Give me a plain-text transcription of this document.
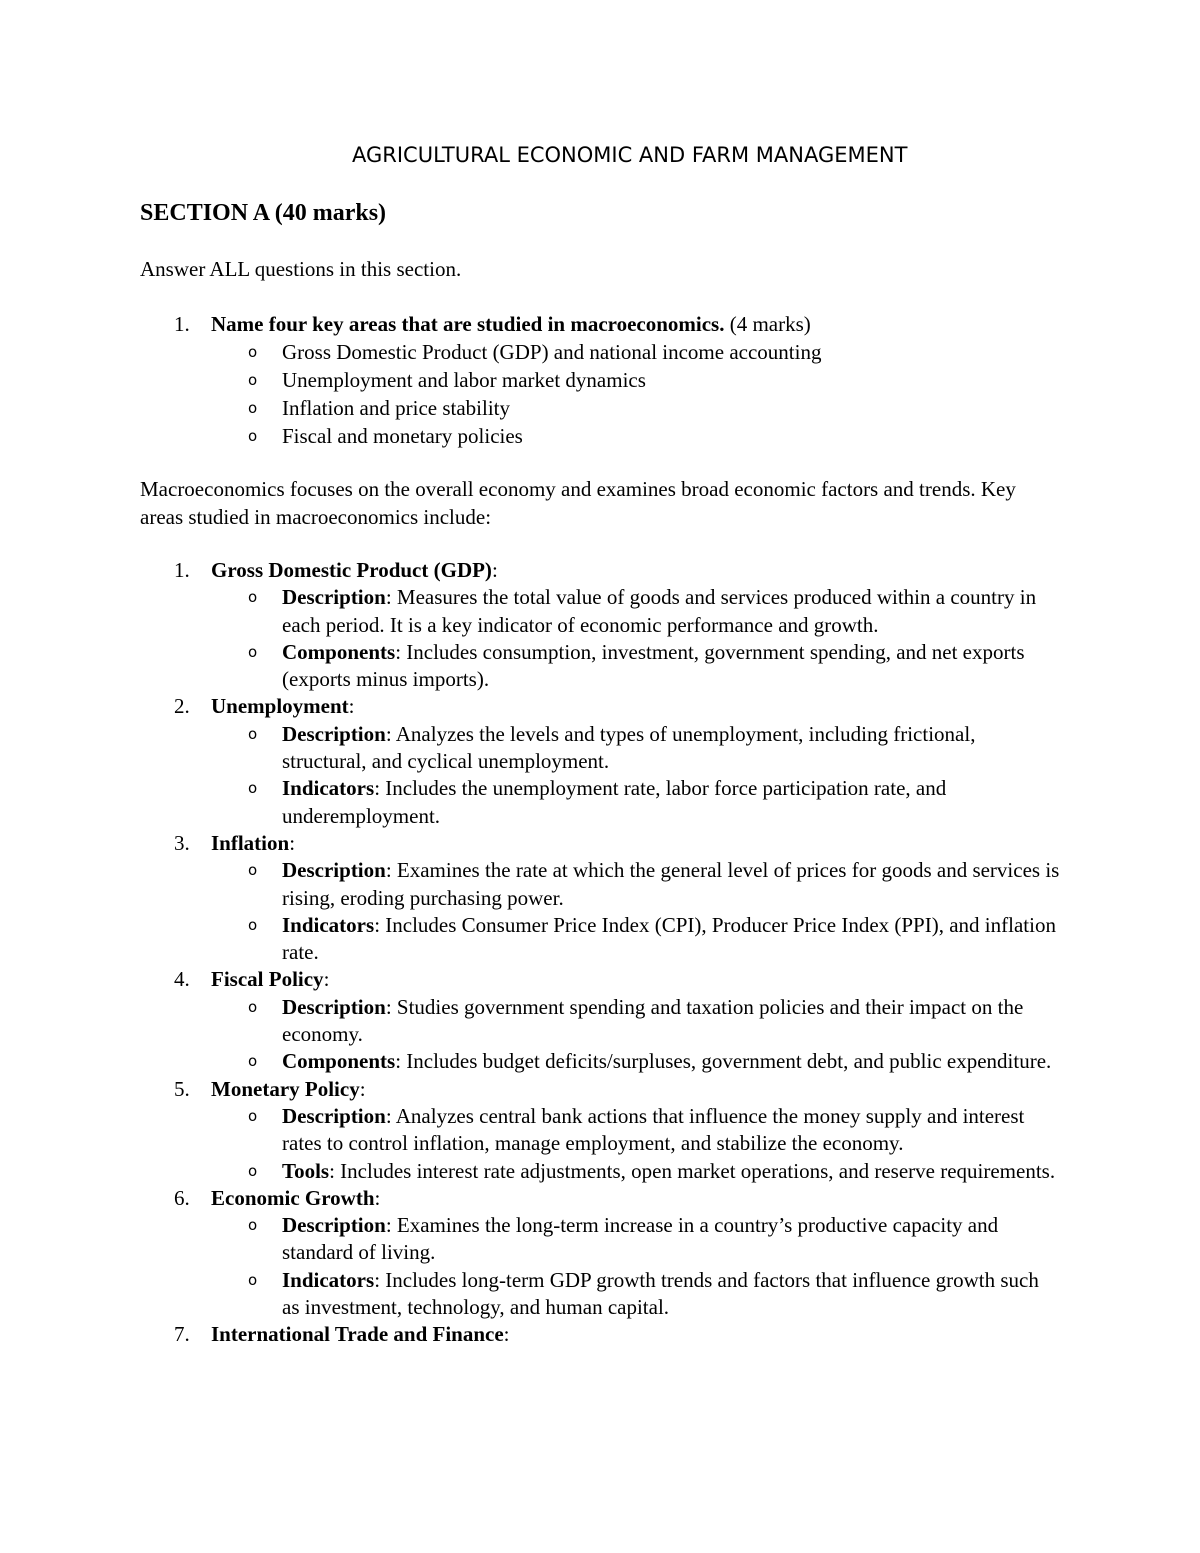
AGRICULTURAL ECONOMIC AND FARM MANAGEMENT
SECTION A (40 marks)
Answer ALL questions in this section.
1.	Name four key areas that are studied in macroeconomics. (4 marks)
o Gross Domestic Product (GDP) and national income accounting
o Unemployment and labor market dynamics
o Inflation and price stability
o Fiscal and monetary policies
Macroeconomics focuses on the overall economy and examines broad economic factors and trends. Key areas studied in macroeconomics include:
1.	Gross Domestic Product (GDP):
o Description: Measures the total value of goods and services produced within a country in each period. It is a key indicator of economic performance and growth.
o Components: Includes consumption, investment, government spending, and net exports (exports minus imports).
2.	Unemployment:
o Description: Analyzes the levels and types of unemployment, including frictional, structural, and cyclical unemployment.
o Indicators: Includes the unemployment rate, labor force participation rate, and underemployment.
3.	Inflation:
o Description: Examines the rate at which the general level of prices for goods and services is rising, eroding purchasing power.
o Indicators: Includes Consumer Price Index (CPI), Producer Price Index (PPI), and inflation rate.
4.	Fiscal Policy:
o Description: Studies government spending and taxation policies and their impact on the economy.
o Components: Includes budget deficits/surpluses, government debt, and public expenditure.
5.	Monetary Policy:
o Description: Analyzes central bank actions that influence the money supply and interest rates to control inflation, manage employment, and stabilize the economy.
o Tools: Includes interest rate adjustments, open market operations, and reserve requirements.
6.	Economic Growth:
o Description: Examines the long-term increase in a country’s productive capacity and standard of living.
o Indicators: Includes long-term GDP growth trends and factors that influence growth such as investment, technology, and human capital.
7.	International Trade and Finance:
